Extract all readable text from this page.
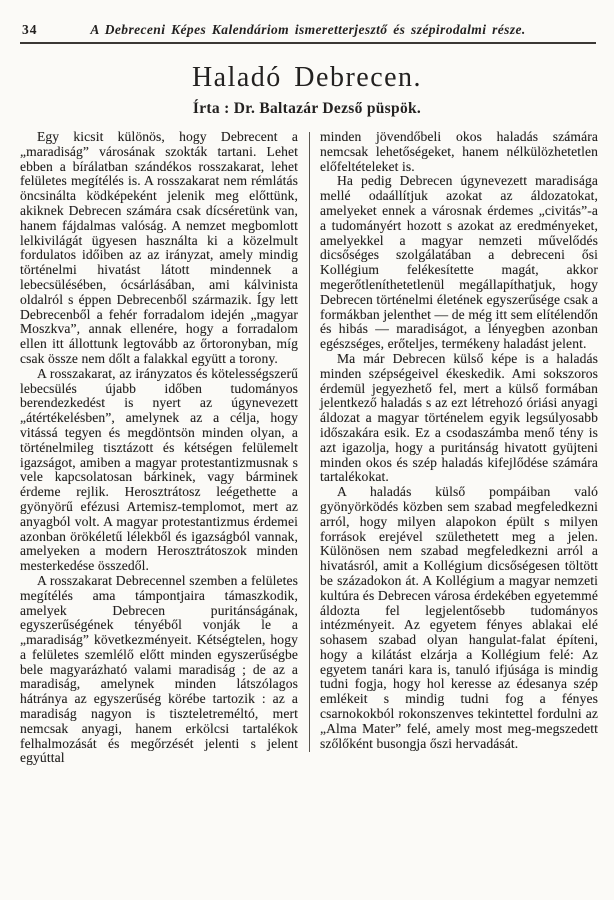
34	A Debreceni Képes Kalendáriom ismeretterjesztő és szépirodalmi része.
Haladó Debrecen.
Írta : Dr. Baltazár Dezső püspök.

Egy kicsit különös, hogy Debrecent a „maradiság” városának szokták tartani. Lehet ebben a bírálatban szándékos rosszakarat, lehet felületes megítélés is. A rosszakarat nem rémlátás öncsinálta ködképeként jelenik meg előttünk, akiknek Debrecen számára csak dícséretünk van, hanem fájdalmas valóság. A nemzet megbomlott lelkivilágát ügyesen használta ki a közelmult fordulatos időiben az az irányzat, amely mindig történelmi hivatást látott mindennek a lebecsülésében, ócsárlásában, ami kálvinista oldalról s éppen Debrecenből származik. Így lett Debrecenből a fehér forradalom idején „magyar Moszkva”, annak ellenére, hogy a forradalom ellen itt állottunk legtovább az őrtoronyban, míg csak össze nem dőlt a falakkal együtt a torony.

A rosszakarat, az irányzatos és kötelességszerű lebecsülés újabb időben tudományos berendezkedést is nyert az úgynevezett „átértékelésben”, amelynek az a célja, hogy vitássá tegyen és megdöntsön minden olyan, a történelmileg tisztázott és kétségen felülemelt igazságot, amiben a magyar protestantizmusnak s vele kapcsolatosan bárkinek, vagy bárminek érdeme rejlik. Herosztrátosz leégethette a gyönyörű efézusi Artemisz-templomot, mert az anyagból volt. A magyar protestantizmus érdemei azonban örökéletű lélekből és igazságból vannak, amelyeken a modern Herosztrátoszok minden mesterkedése összedől.

A rosszakarat Debrecennel szemben a felületes megítélés ama támpontjaira támaszkodik, amelyek Debrecen puritánságának, egyszerűségének tényéből vonják le a „maradiság” következményeit. Kétségtelen, hogy a felületes szemlélő előtt minden egyszerűségbe bele magyarázható valami maradiság ; de az a maradiság, amelynek minden látszólagos hátránya az egyszerűség körébe tartozik : az a maradiság nagyon is tiszteletreméltó, mert nemcsak anyagi, hanem erkölcsi tartalékok felhalmozását és megőrzését jelenti s jelent egyúttal

minden jövendőbeli okos haladás számára nemcsak lehetőségeket, hanem nélkülözhetetlen előfeltételeket is.

Ha pedig Debrecen úgynevezett maradisága mellé odaállítjuk azokat az áldozatokat, amelyeket ennek a városnak érdemes „civitás”-a a tudományért hozott s azokat az eredményeket, amelyekkel a magyar nemzeti művelődés dicsőséges szolgálatában a debreceni ősi Kollégium felékesítette magát, akkor megerőtleníthetetlenül megállapíthatjuk, hogy Debrecen történelmi életének egyszerűsége csak a formákban jelenthet — de még itt sem elítélendőn és hibás — maradiságot, a lényegben azonban egészséges, erőteljes, termékeny haladást jelent.

Ma már Debrecen külső képe is a haladás minden szépségeivel ékeskedik. Ami sokszoros érdemül jegyezhető fel, mert a külső formában jelentkező haladás s az ezt létrehozó óriási anyagi áldozat a magyar történelem egyik legsúlyosabb időszakára esik. Ez a csodaszámba menő tény is azt igazolja, hogy a puritánság hivatott gyüjteni minden okos és szép haladás kifejlődése számára tartalékokat.

A haladás külső pompáiban való gyönyörködés közben sem szabad megfeledkezni arról, hogy milyen alapokon épült s milyen források erejével születhetett meg a jelen. Különösen nem szabad megfeledkezni arról a hivatásról, amit a Kollégium dicsőségesen töltött be századokon át. A Kollégium a magyar nemzeti kultúra és Debrecen városa érdekében egyetemmé áldozta fel legjelentősebb tudományos intézményeit. Az egyetem fényes ablakai elé sohasem szabad olyan hangulat-falat építeni, hogy a kilátást elzárja a Kollégium felé: Az egyetem tanári kara is, tanuló ifjúsága is mindig tudni fogja, hogy hol keresse az édesanya szép emlékeit s mindig tudni fog a fényes csarnokokból rokonszenves tekintettel fordulni az „Alma Mater” felé, amely most meg-megszedett szőlőként busongja őszi hervadását.
